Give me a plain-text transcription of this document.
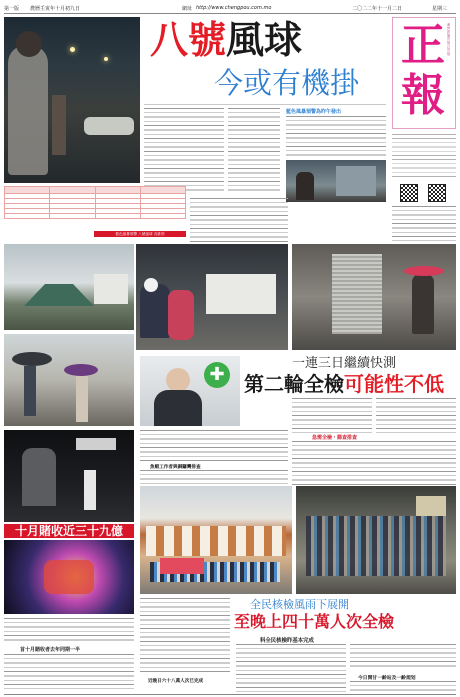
第一版 農曆壬寅年十月初九日	網址 http://www.chengpou.com.mo	二〇二二年十一月二日	星期三
八號風球
今或有機掛
藍色風暴預警為昨午發出
正
報
澳門新聞出版社出版

藍色風暴預警 八號風球 各級別
一連三日繼續快測
第二輪全檢可能性不低
✚
急需全檢・篩查排查
魚蝦工作者與銅鑼灣排查
十月賭收近三十九億
首十月賭收者去年同期一半
全民核檢風雨下展開
至晚上四十萬人次全檢
料全民核檢昨基本完成
今日開甘一齡站及一齡規划
近晚日六十八萬人次已完成
